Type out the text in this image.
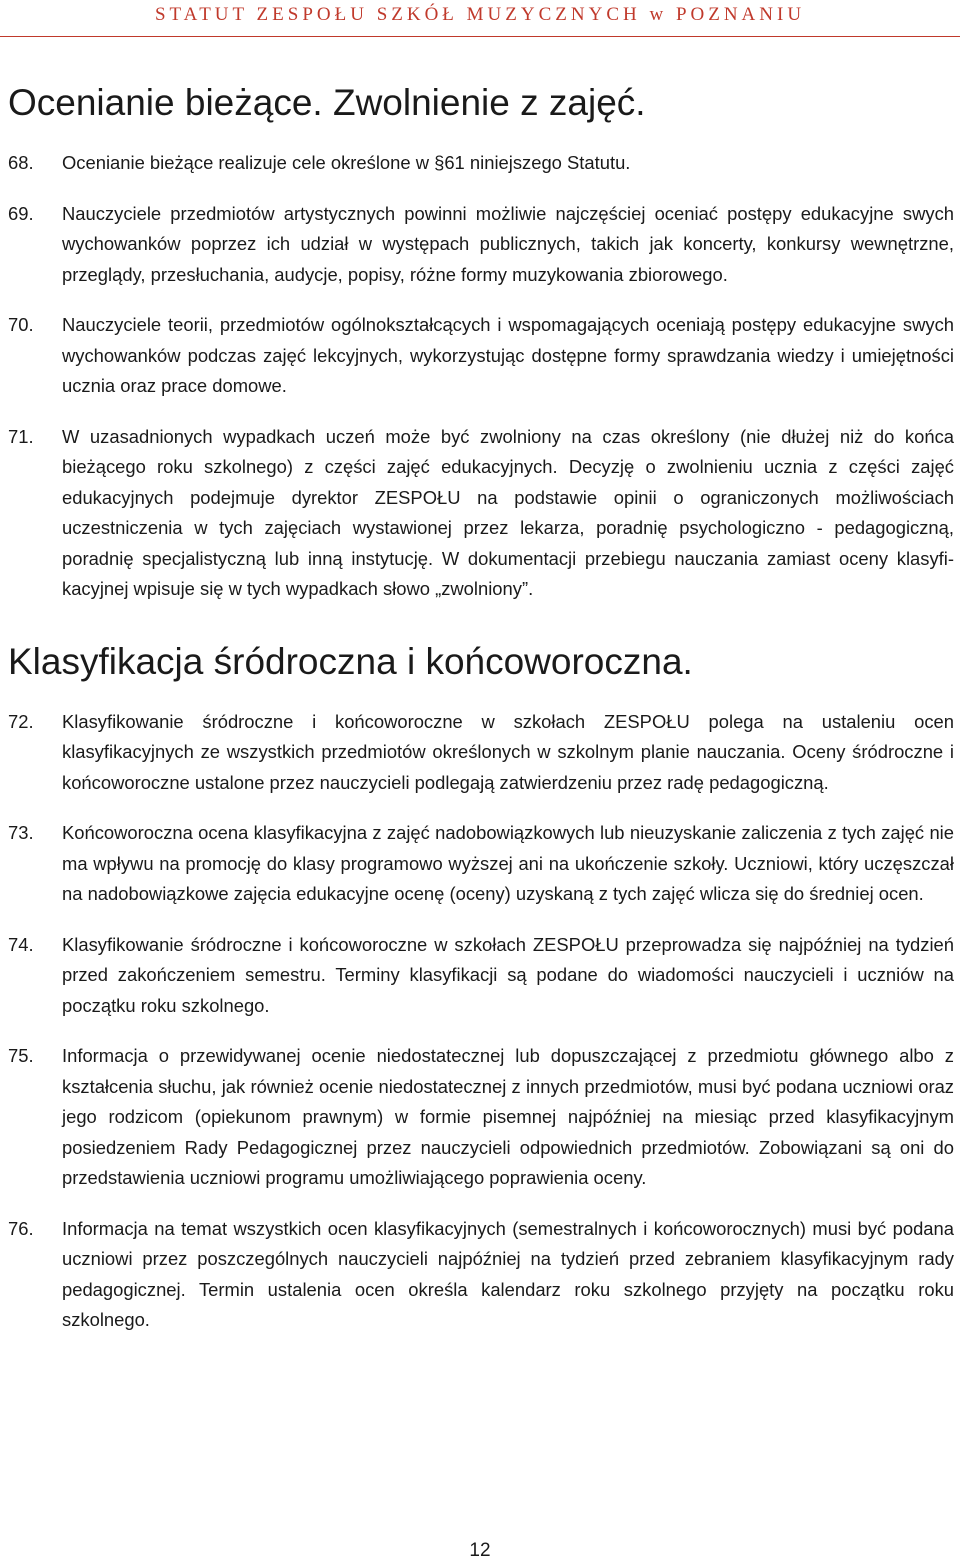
STATUT ZESPOŁU SZKÓŁ MUZYCZNYCH w POZNANIU
Ocenianie bieżące. Zwolnienie z zajęć.
68.	Ocenianie bieżące realizuje cele określone w §61 niniejszego Statutu.
69.	Nauczyciele przedmiotów artystycznych powinni możliwie najczęściej oceniać postępy edukacyjne swych wychowanków poprzez ich udział w występach publicznych, takich jak koncerty, konkursy wewnętrzne, przeglądy, przesłuchania, audycje, popisy, różne formy muzykowania zbiorowego.
70.	Nauczyciele teorii, przedmiotów ogólnokształcących i wspomagających oceniają postępy edukacyjne swych wychowanków podczas zajęć lekcyjnych, wykorzystując dostępne formy sprawdzania wiedzy i umiejętności ucznia oraz prace domowe.
71.	W uzasadnionych wypadkach uczeń może być zwolniony na czas określony (nie dłużej niż do końca bieżącego roku szkolnego) z części zajęć edukacyjnych. Decyzję o zwolnieniu ucznia z części zajęć edukacyjnych podejmuje dyrektor ZESPOŁU na podstawie opinii o ograniczonych możliwościach uczestniczenia w tych zajęciach wystawionej przez lekarza, poradnię psychologiczno - pedagogiczną, poradnię specjalistyczną lub inną instytucję. W dokumentacji przebiegu nauczania zamiast oceny klasyfikacyjnej wpisuje się w tych wypadkach słowo „zwolniony”.
Klasyfikacja śródroczna i końcoworoczna.
72.	Klasyfikowanie śródroczne i końcoworoczne w szkołach ZESPOŁU polega na ustaleniu ocen klasyfikacyjnych ze wszystkich przedmiotów określonych w szkolnym planie nauczania. Oceny śródroczne i końcoworoczne ustalone przez nauczycieli podlegają zatwierdzeniu przez radę pedagogiczną.
73.	Końcoworoczna ocena klasyfikacyjna z zajęć nadobowiązkowych lub nieuzyskanie zaliczenia z tych zajęć nie ma wpływu na promocję do klasy programowo wyższej ani na ukończenie szkoły. Uczniowi, który uczęszczał na nadobowiązkowe zajęcia edukacyjne ocenę (oceny) uzyskaną z tych zajęć wlicza się do średniej ocen.
74.	Klasyfikowanie śródroczne i końcoworoczne w szkołach ZESPOŁU przeprowadza się najpóźniej na tydzień przed zakończeniem semestru. Terminy klasyfikacji są podane do wiadomości nauczycieli i uczniów na początku roku szkolnego.
75.	Informacja o przewidywanej ocenie niedostatecznej lub dopuszczającej z przedmiotu głównego albo z kształcenia słuchu, jak również ocenie niedostatecznej z innych przedmiotów, musi być podana uczniowi oraz jego rodzicom (opiekunom prawnym) w formie pisemnej najpóźniej na miesiąc przed klasyfikacyjnym posiedzeniem Rady Pedagogicznej przez nauczycieli odpowiednich przedmiotów. Zobowiązani są oni do przedstawienia uczniowi programu umożliwiającego poprawienia oceny.
76.	Informacja na temat wszystkich ocen klasyfikacyjnych (semestralnych i końcoworocznych) musi być podana uczniowi przez poszczególnych nauczycieli najpóźniej na tydzień przed zebraniem klasyfikacyjnym rady pedagogicznej. Termin ustalenia ocen określa kalendarz roku szkolnego przyjęty na początku roku szkolnego.
12
